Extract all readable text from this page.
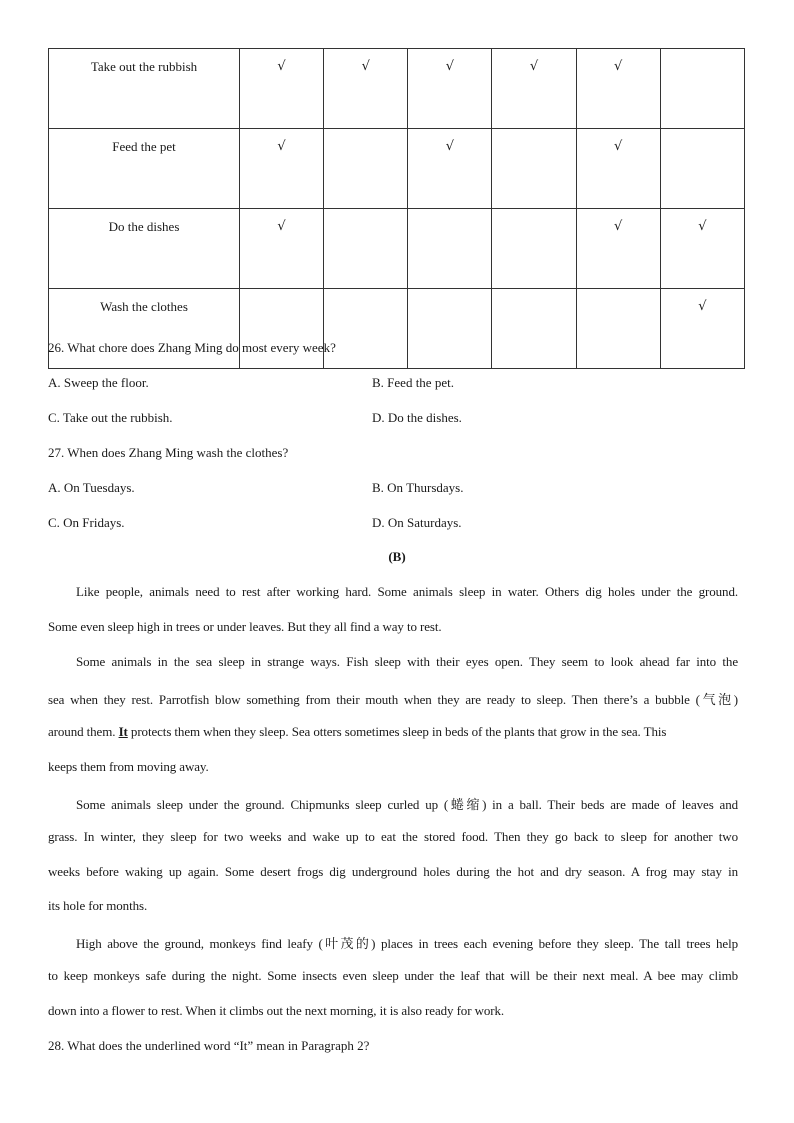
Take out the rubbish	√	√	√	√	√	
Feed the pet	√		√		√	
Do the dishes	√				√	√
Wash the clothes						√
26. What chore does Zhang Ming do most every week?
A. Sweep the floor.	B. Feed the pet.
C. Take out the rubbish.	D. Do the dishes.
27. When does Zhang Ming wash the clothes?
A. On Tuesdays.	B. On Thursdays.
C. On Fridays.	D. On Saturdays.
(B)
Like people, animals need to rest after working hard. Some animals sleep in water. Others dig holes under the ground.
Some even sleep high in trees or under leaves. But they all find a way to rest.
Some animals in the sea sleep in strange ways. Fish sleep with their eyes open. They seem to look ahead far into the
sea when they rest. Parrotfish blow something from their mouth when they are ready to sleep. Then there’s a bubble (气泡)
around them. It protects them when they sleep. Sea otters sometimes sleep in beds of the plants that grow in the sea. This
keeps them from moving away.
Some animals sleep under the ground. Chipmunks sleep curled up (蜷缩) in a ball. Their beds are made of leaves and
grass. In winter, they sleep for two weeks and wake up to eat the stored food. Then they go back to sleep for another two
weeks before waking up again. Some desert frogs dig underground holes during the hot and dry season. A frog may stay in
its hole for months.
High above the ground, monkeys find leafy (叶茂的) places in trees each evening before they sleep. The tall trees help
to keep monkeys safe during the night. Some insects even sleep under the leaf that will be their next meal. A bee may climb
down into a flower to rest. When it climbs out the next morning, it is also ready for work.
28. What does the underlined word “It” mean in Paragraph 2?
